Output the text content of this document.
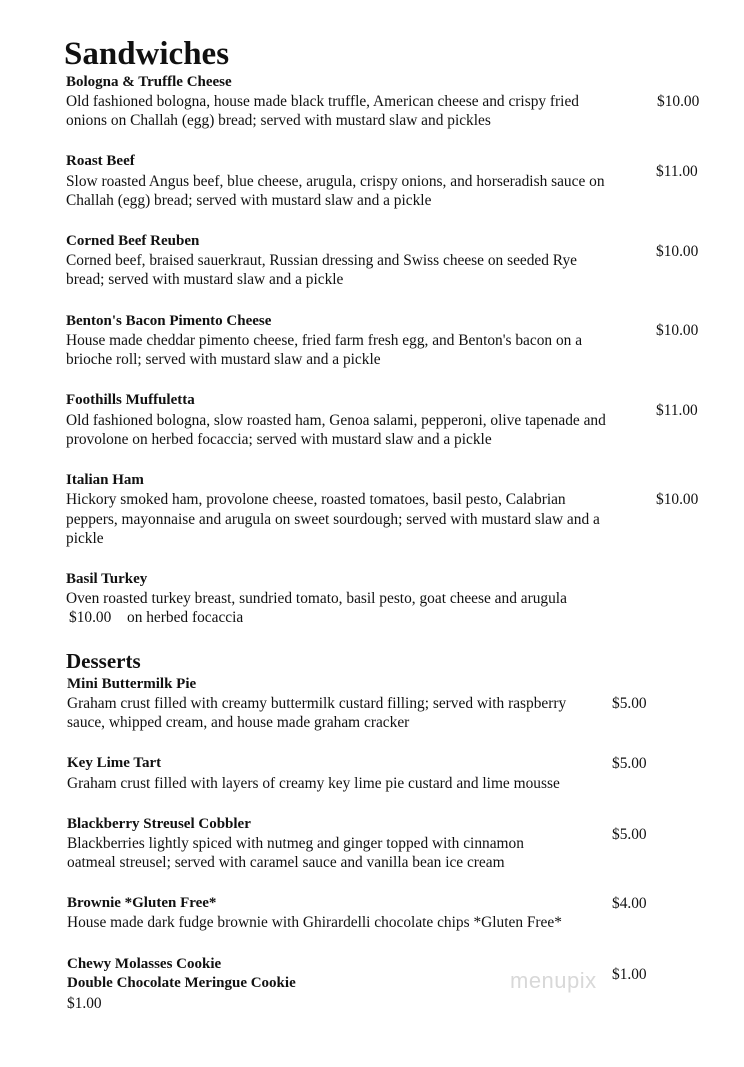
Sandwiches
Bologna & Truffle Cheese
Old fashioned bologna, house made black truffle, American cheese and crispy fried
onions on Challah (egg) bread; served with mustard slaw and pickles
$10.00
Roast Beef
Slow roasted Angus beef, blue cheese, arugula, crispy onions, and horseradish sauce on
Challah (egg) bread; served with mustard slaw and a pickle
$11.00
Corned Beef Reuben
Corned beef, braised sauerkraut, Russian dressing and Swiss cheese on seeded Rye
bread; served with mustard slaw and a pickle
$10.00
Benton's Bacon Pimento Cheese
House made cheddar pimento cheese, fried farm fresh egg, and Benton's bacon on a
brioche roll; served with mustard slaw and a pickle
$10.00
Foothills Muffuletta
Old fashioned bologna, slow roasted ham, Genoa salami, pepperoni, olive tapenade and
provolone on herbed focaccia; served with mustard slaw and a pickle
$11.00
Italian Ham
Hickory smoked ham, provolone cheese, roasted tomatoes, basil pesto, Calabrian
peppers, mayonnaise and arugula on sweet sourdough; served with mustard slaw and a
pickle
$10.00
Basil Turkey
Oven roasted turkey breast, sundried tomato, basil pesto, goat cheese and arugula
$10.00 on herbed focaccia
Desserts
Mini Buttermilk Pie
Graham crust filled with creamy buttermilk custard filling; served with raspberry
sauce, whipped cream, and house made graham cracker
$5.00
Key Lime Tart
Graham crust filled with layers of creamy key lime pie custard and lime mousse
$5.00
Blackberry Streusel Cobbler
Blackberries lightly spiced with nutmeg and ginger topped with cinnamon
oatmeal streusel; served with caramel sauce and vanilla bean ice cream
$5.00
Brownie *Gluten Free*
House made dark fudge brownie with Ghirardelli chocolate chips *Gluten Free*
$4.00
Chewy Molasses Cookie
Double Chocolate Meringue Cookie
$1.00
$1.00
menupix
